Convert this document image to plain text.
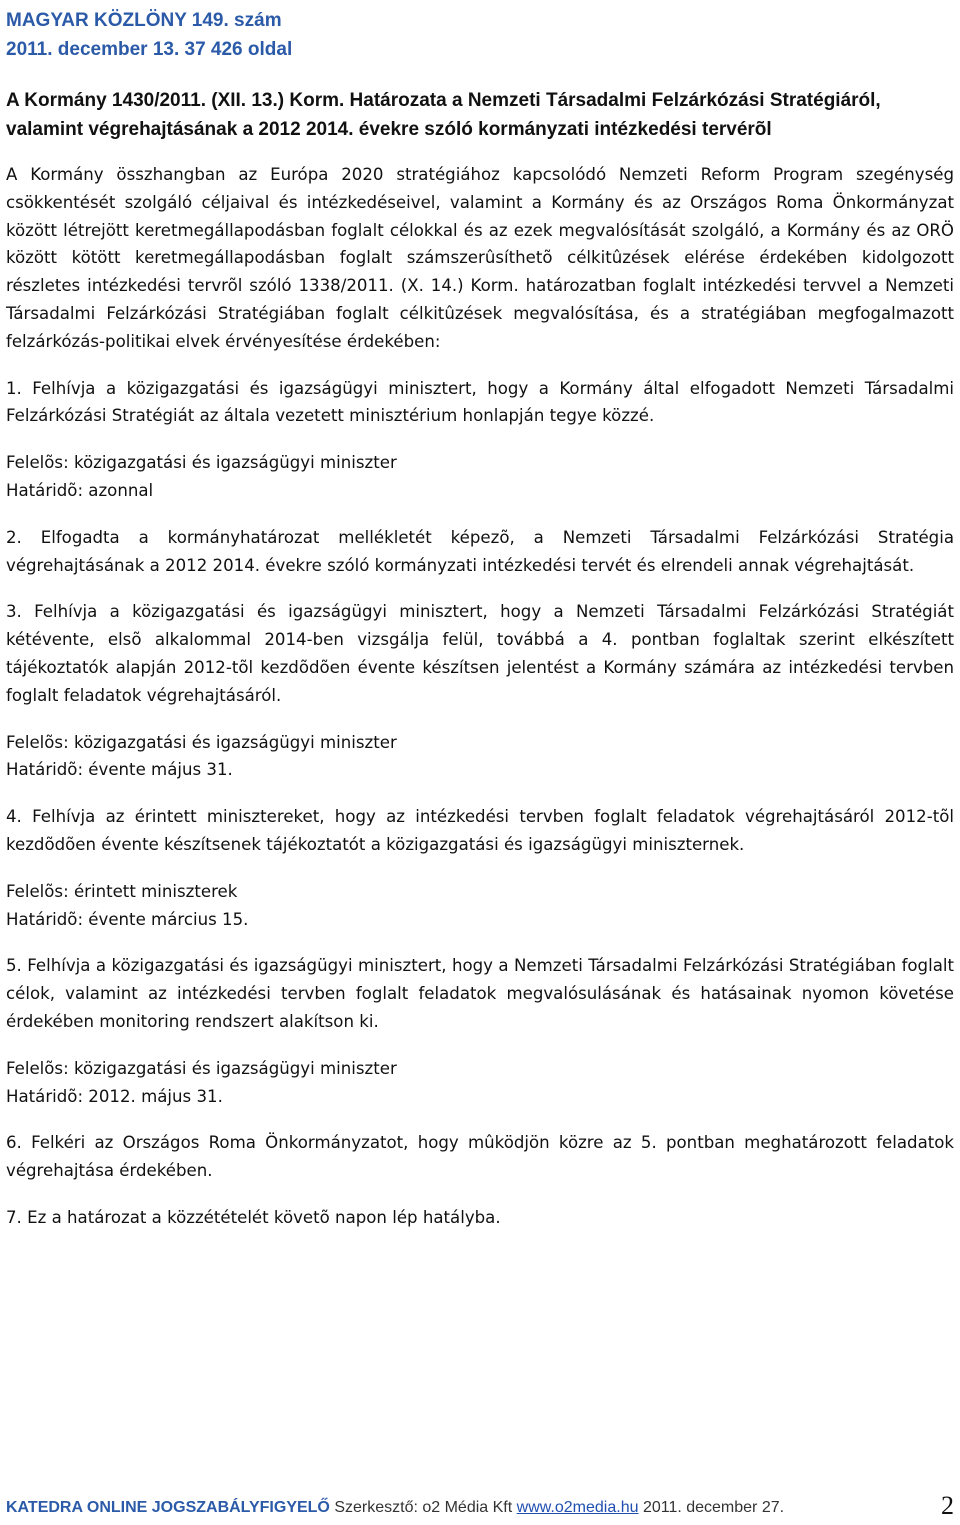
MAGYAR KÖZLÖNY 149. szám
2011. december 13. 37 426 oldal
A Kormány 1430/2011. (XII. 13.) Korm. Határozata a Nemzeti Társadalmi Felzárkózási Stratégiáról, valamint végrehajtásának a 2012 2014. évekre szóló kormányzati intézkedési tervérõl
A Kormány összhangban az Európa 2020 stratégiához kapcsolódó Nemzeti Reform Program szegénység csökkentését szolgáló céljaival és intézkedéseivel, valamint a Kormány és az Országos Roma Önkormányzat között létrejött keretmegállapodásban foglalt célokkal és az ezek megvalósítását szolgáló, a Kormány és az ORÖ között kötött keretmegállapodásban foglalt számszerûsíthetõ célkitûzések elérése érdekében kidolgozott részletes intézkedési tervrõl szóló 1338/2011. (X. 14.) Korm. határozatban foglalt intézkedési tervvel a Nemzeti Társadalmi Felzárkózási Stratégiában foglalt célkitûzések megvalósítása, és a stratégiában megfogalmazott felzárkózás-politikai elvek érvényesítése érdekében:
1. Felhívja a közigazgatási és igazságügyi minisztert, hogy a Kormány által elfogadott Nemzeti Társadalmi Felzárkózási Stratégiát az általa vezetett minisztérium honlapján tegye közzé.
Felelõs: közigazgatási és igazságügyi miniszter
Határidõ: azonnal
2. Elfogadta a kormányhatározat mellékletét képezõ, a Nemzeti Társadalmi Felzárkózási Stratégia végrehajtásának a 2012 2014. évekre szóló kormányzati intézkedési tervét és elrendeli annak végrehajtását.
3. Felhívja a közigazgatási és igazságügyi minisztert, hogy a Nemzeti Társadalmi Felzárkózási Stratégiát kétévente, elsõ alkalommal 2014-ben vizsgálja felül, továbbá a 4. pontban foglaltak szerint elkészített tájékoztatók alapján 2012-tõl kezdõdõen évente készítsen jelentést a Kormány számára az intézkedési tervben foglalt feladatok végrehajtásáról.
Felelõs: közigazgatási és igazságügyi miniszter
Határidõ: évente május 31.
4. Felhívja az érintett minisztereket, hogy az intézkedési tervben foglalt feladatok végrehajtásáról 2012-tõl kezdõdõen évente készítsenek tájékoztatót a közigazgatási és igazságügyi miniszternek.
Felelõs: érintett miniszterek
Határidõ: évente március 15.
5. Felhívja a közigazgatási és igazságügyi minisztert, hogy a Nemzeti Társadalmi Felzárkózási Stratégiában foglalt célok, valamint az intézkedési tervben foglalt feladatok megvalósulásának és hatásainak nyomon követése érdekében monitoring rendszert alakítson ki.
Felelõs: közigazgatási és igazságügyi miniszter
Határidõ: 2012. május 31.
6. Felkéri az Országos Roma Önkormányzatot, hogy mûködjön közre az 5. pontban meghatározott feladatok végrehajtása érdekében.
7. Ez a határozat a közzétételét követõ napon lép hatályba.
KATEDRA ONLINE JOGSZABÁLYFIGYELŐ Szerkesztő: o2 Média Kft www.o2media.hu 2011. december 27.	2
